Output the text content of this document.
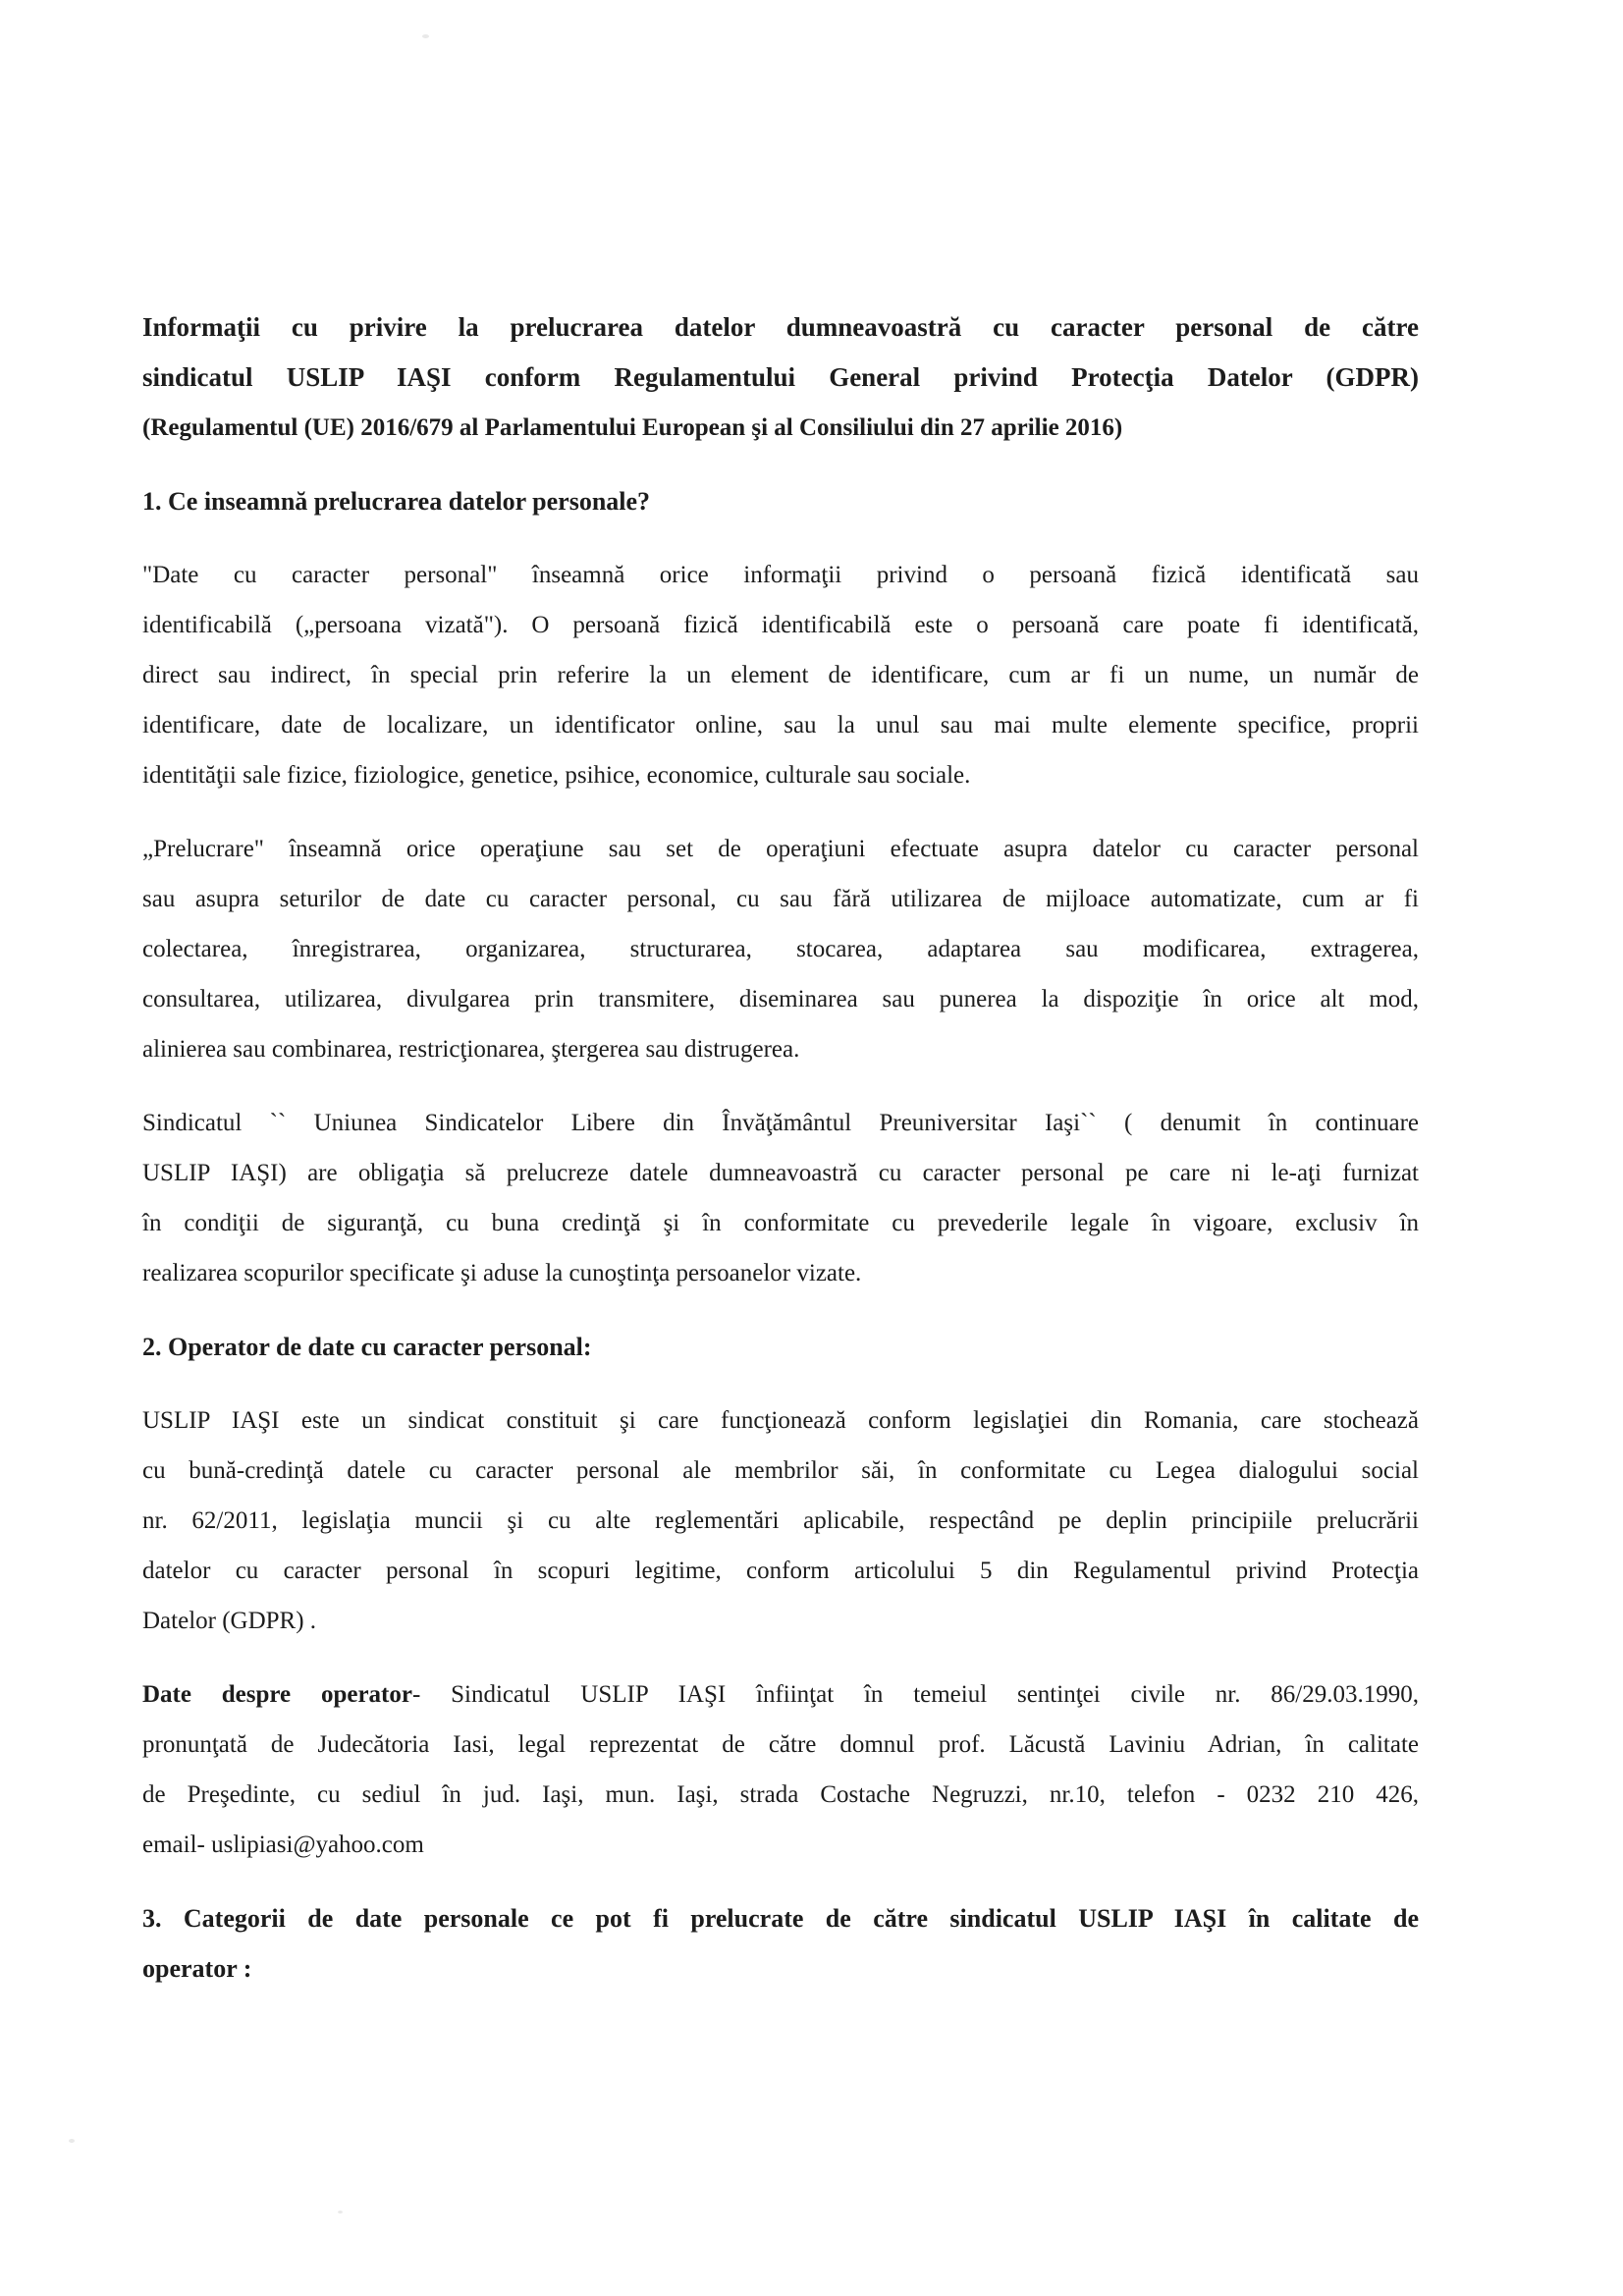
Informaţii cu privire la prelucrarea datelor dumneavoastră cu caracter personal de către
sindicatul USLIP IAŞI conform Regulamentului General privind Protecţia Datelor (GDPR)
(Regulamentul (UE) 2016/679 al Parlamentului European şi al Consiliului din 27 aprilie 2016)
1. Ce inseamnă prelucrarea datelor personale?
"Date cu caracter personal" înseamnă orice informaţii privind o persoană fizică identificată sau
identificabilă („persoana vizată"). O persoană fizică identificabilă este o persoană care poate fi identificată,
direct sau indirect, în special prin referire la un element de identificare, cum ar fi un nume, un număr de
identificare, date de localizare, un identificator online, sau la unul sau mai multe elemente specifice, proprii
identităţii sale fizice, fiziologice, genetice, psihice, economice, culturale sau sociale.
„Prelucrare" înseamnă orice operaţiune sau set de operaţiuni efectuate asupra datelor cu caracter personal
sau asupra seturilor de date cu caracter personal, cu sau fără utilizarea de mijloace automatizate, cum ar fi
colectarea, înregistrarea, organizarea, structurarea, stocarea, adaptarea sau modificarea, extragerea,
consultarea, utilizarea, divulgarea prin transmitere, diseminarea sau punerea la dispoziţie în orice alt mod,
alinierea sau combinarea, restricţionarea, ştergerea sau distrugerea.
Sindicatul `` Uniunea Sindicatelor Libere din Învăţământul Preuniversitar Iaşi`` ( denumit în continuare
USLIP IAŞI) are obligaţia să prelucreze datele dumneavoastră cu caracter personal pe care ni le-aţi furnizat
în condiţii de siguranţă, cu buna credinţă şi în conformitate cu prevederile legale în vigoare, exclusiv în
realizarea scopurilor specificate şi aduse la cunoştinţa persoanelor vizate.
2. Operator de date cu caracter personal:
USLIP IAŞI este un sindicat constituit şi care funcţionează conform legislaţiei din Romania, care stochează
cu bună-credinţă datele cu caracter personal ale membrilor săi, în conformitate cu Legea dialogului social
nr. 62/2011, legislaţia muncii şi cu alte reglementări aplicabile, respectând pe deplin principiile prelucrării
datelor cu caracter personal în scopuri legitime, conform articolului 5 din Regulamentul privind Protecţia
Datelor (GDPR) .
Date despre operator- Sindicatul USLIP IAŞI înfiinţat în temeiul sentinţei civile nr. 86/29.03.1990,
pronunţată de Judecătoria Iasi, legal reprezentat de către domnul prof. Lăcustă Laviniu Adrian, în calitate
de Preşedinte, cu sediul în jud. Iaşi, mun. Iaşi, strada Costache Negruzzi, nr.10, telefon - 0232 210 426,
email- uslipiasi@yahoo.com
3. Categorii de date personale ce pot fi prelucrate de către sindicatul USLIP IAŞI în calitate de
operator :
